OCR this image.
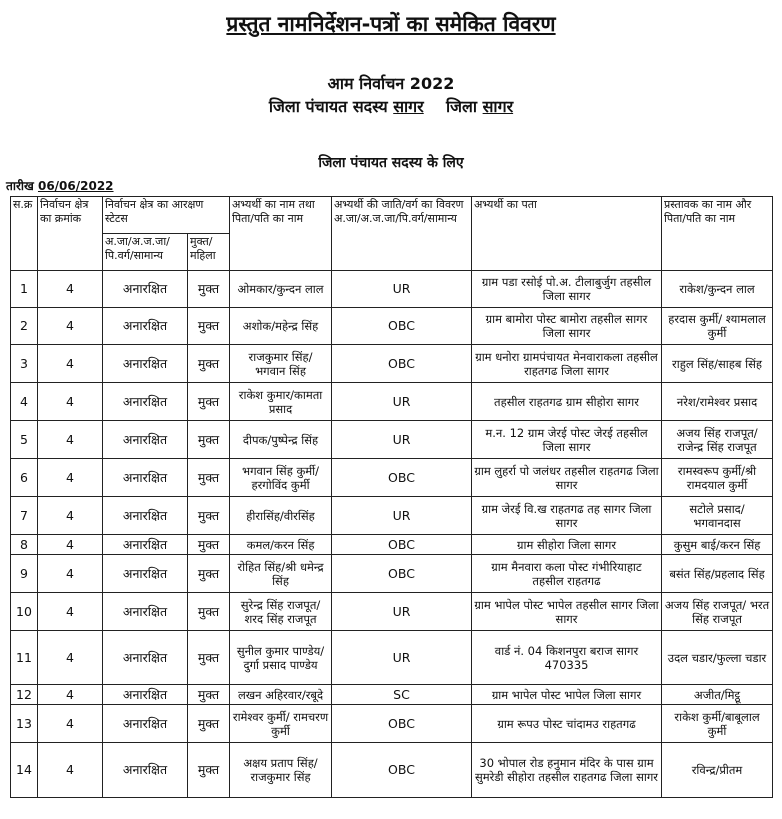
प्रस्तुत नामनिर्देशन-पत्रों का समेकित विवरण
आम निर्वाचन 2022
जिला पंचायत सदस्य सागर जिला सागर
जिला पंचायत सदस्य के लिए
तारीख 06/06/2022
स.क्र	निर्वाचन क्षेत्र का क्रमांक	निर्वाचन क्षेत्र का आरक्षण स्टेटस		अभ्यर्थी का नाम तथा पिता/पति का नाम	अभ्यर्थी की जाति/वर्ग का विवरण अ.जा/अ.ज.जा/पि.वर्ग/सामान्य	अभ्यर्थी का पता	प्रस्तावक का नाम और पिता/पति का नाम
		अ.जा/अ.ज.जा/पि.वर्ग/सामान्य	मुक्त/महिला				
1	4	अनारक्षित	मुक्त	ओमकार/कुन्दन लाल	UR	ग्राम पडा रसोई पो.अ. टीलाबुर्जुग तहसील जिला सागर	राकेश/कुन्दन लाल
2	4	अनारक्षित	मुक्त	अशोक/महेन्द्र सिंह	OBC	ग्राम बामोरा पोस्ट बामोरा तहसील सागर जिला सागर	हरदास कुर्मी/ श्यामलाल कुर्मी
3	4	अनारक्षित	मुक्त	राजकुमार सिंह/ भगवान सिंह	OBC	ग्राम धनोरा ग्रामपंचायत मेनवाराकला तहसील राहतगढ जिला सागर	राहुल सिंह/साहब सिंह
4	4	अनारक्षित	मुक्त	राकेश कुमार/कामता प्रसाद	UR	तहसील राहतगढ ग्राम सीहोरा सागर	नरेश/रामेश्वर प्रसाद
5	4	अनारक्षित	मुक्त	दीपक/पुष्पेन्द्र सिंह	UR	म.न. 12 ग्राम जेरई पोस्ट जेरई तहसील जिला सागर	अजय सिंह राजपूत/ राजेन्द्र सिंह राजपूत
6	4	अनारक्षित	मुक्त	भगवान सिंह कुर्मी/ हरगोविंद कुर्मी	OBC	ग्राम लुहर्रा पो जलंधर तहसील राहतगढ जिला सागर	रामस्वरूप कुर्मी/श्री रामदयाल कुर्मी
7	4	अनारक्षित	मुक्त	हीरासिंह/वीरसिंह	UR	ग्राम जेरई वि.ख राहतगढ तह सागर जिला सागर	सटोले प्रसाद/ भगवानदास
8	4	अनारक्षित	मुक्त	कमल/करन सिंह	OBC	ग्राम सीहोरा जिला सागर	कुसुम बाई/करन सिंह
9	4	अनारक्षित	मुक्त	रोहित सिंह/श्री धमेन्द्र सिंह	OBC	ग्राम मैनवारा कला पोस्ट गंभीरियाहाट तहसील राहतगढ	बसंत सिंह/प्रहलाद सिंह
10	4	अनारक्षित	मुक्त	सुरेन्द्र सिंह राजपूत/ शरद सिंह राजपूत	UR	ग्राम भापेल पोस्ट भापेल तहसील सागर जिला सागर	अजय सिंह राजपूत/ भरत सिंह राजपूत
11	4	अनारक्षित	मुक्त	सुनील कुमार पाण्डेय/दुर्गा प्रसाद पाण्डेय	UR	वार्ड नं. 04 किशनपुरा बराज सागर 470335	उदल चडार/फुल्ला चडार
12	4	अनारक्षित	मुक्त	लखन अहिरवार/रबूदे	SC	ग्राम भापेल पोस्ट भापेल जिला सागर	अजीत/मिट्ठू
13	4	अनारक्षित	मुक्त	रामेश्वर कुर्मी/ रामचरण कुर्मी	OBC	ग्राम रूपउ पोस्ट चांदामउ राहतगढ	राकेश कुर्मी/बाबूलाल कुर्मी
14	4	अनारक्षित	मुक्त	अक्षय प्रताप सिंह/ राजकुमार सिंह	OBC	30 भोपाल रोड हनुमान मंदिर के पास ग्राम सुमरेडी सीहोरा तहसील राहतगढ जिला सागर	रविन्द्र/प्रीतम
